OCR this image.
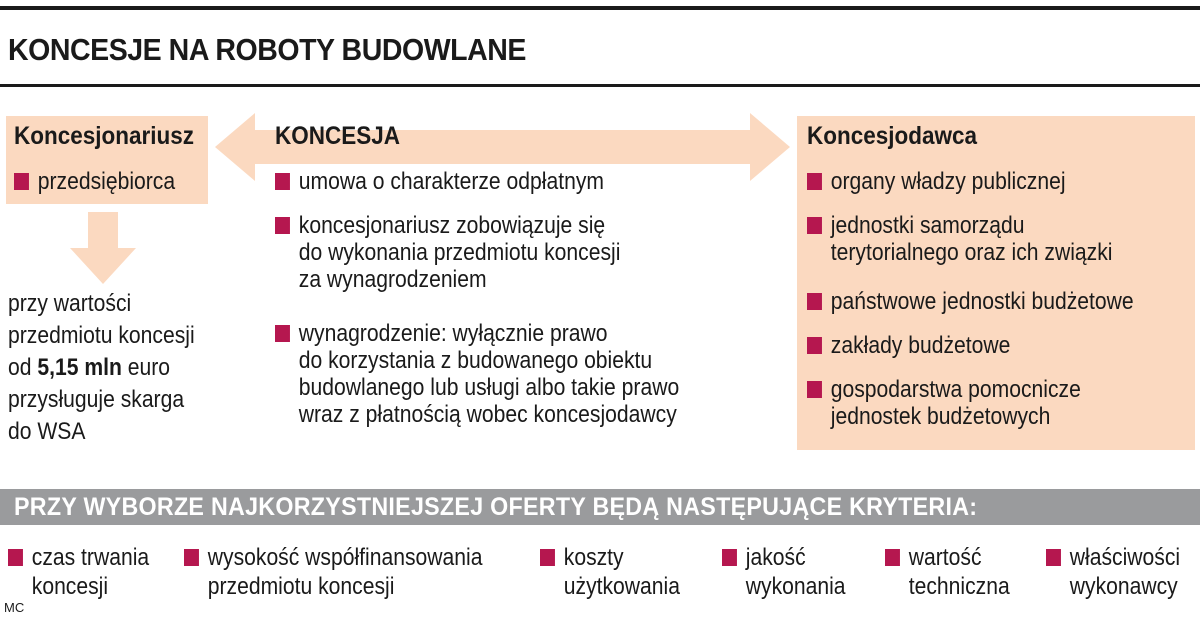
KONCESJE NA ROBOTY BUDOWLANE
Koncesjonariusz
przedsiębiorca
przy wartości
przedmiotu koncesji
od 5,15 mln euro
przysługuje skarga
do WSA
KONCESJA
umowa o charakterze odpłatnym
koncesjonariusz zobowiązuje się
do wykonania przedmiotu koncesji
za wynagrodzeniem
wynagrodzenie: wyłącznie prawo
do korzystania z budowanego obiektu
budowlanego lub usługi albo takie prawo
wraz z płatnością wobec koncesjodawcy
Koncesjodawca
organy władzy publicznej
jednostki samorządu
terytorialnego oraz ich związki
państwowe jednostki budżetowe
zakłady budżetowe
gospodarstwa pomocnicze
jednostek budżetowych
PRZY WYBORZE NAJKORZYSTNIEJSZEJ OFERTY BĘDĄ NASTĘPUJĄCE KRYTERIA:
czas trwania
koncesji
wysokość współfinansowania
przedmiotu koncesji
koszty
użytkowania
jakość
wykonania
wartość
techniczna
właściwości
wykonawcy
MC
